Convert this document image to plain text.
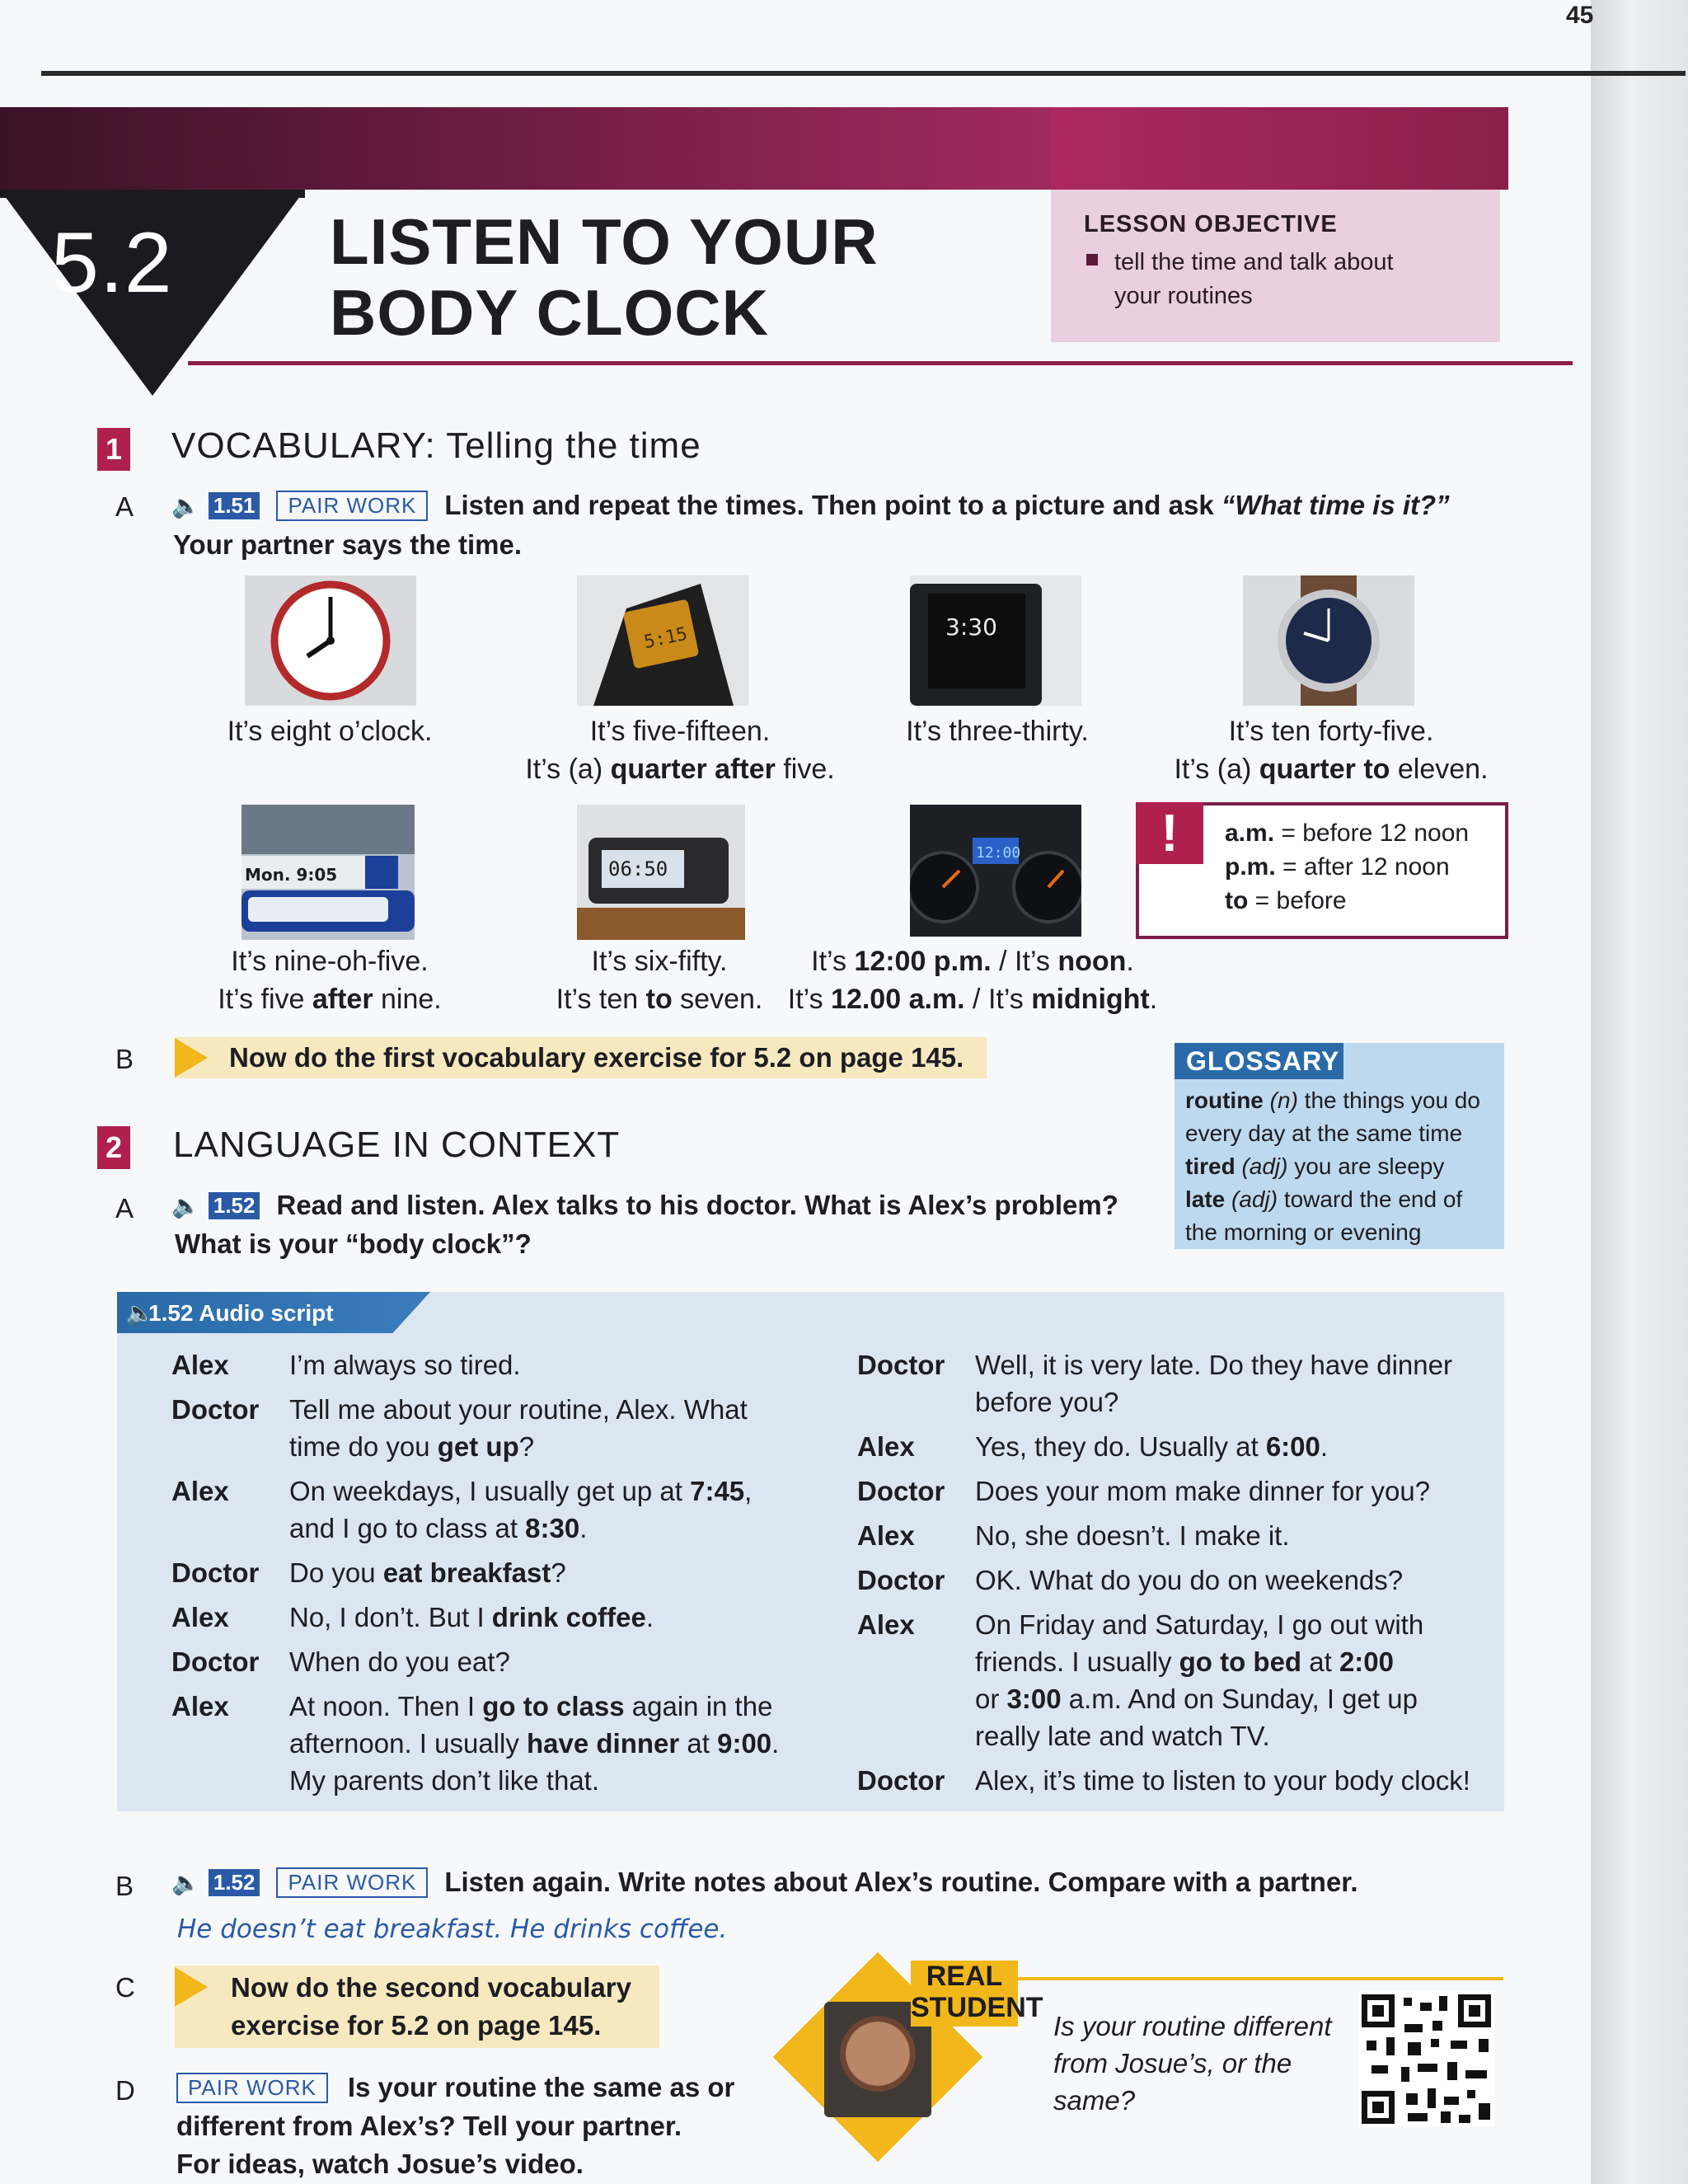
45
5.2 LISTEN TO YOUR
BODY CLOCK
LESSON OBJECTIVE
tell the time and talk about
your routines
1 VOCABULARY: Telling the time
A 🔈 1.51	PAIR WORK	Listen and repeat the times. Then point to a picture and ask “What time is it?”
Your partner says the time.
5:15	3:30
It’s eight o’clock.	It’s five-fifteen.
It’s (a) quarter after five.
It’s three-thirty.	It’s ten forty-five.
It’s (a) quarter to eleven.
Mon. 9:05	06:50
12:00	!	a.m. = before 12 noon
p.m. = after 12 noon
to = before
It’s nine-oh-five.
It’s five after nine.
It’s six-fifty.
It’s ten to seven.
It’s 12:00 p.m. / It’s noon.
It’s 12.00 a.m. / It’s midnight.
B	Now do the first vocabulary exercise for 5.2 on page 145.	GLOSSARY
routine (n) the things you do
every day at the same time
tired (adj) you are sleepy
late (adj) toward the end of
the morning or evening
2 LANGUAGE IN CONTEXT
A 🔈 1.52 Read and listen. Alex talks to his doctor. What is Alex’s problem?
What is your “body clock”?
🔈
1.52 Audio script
Alex	I’m always so tired.
Doctor	Tell me about your routine, Alex. What
time do you get up?
Alex	On weekdays, I usually get up at 7:45,
and I go to class at 8:30.
Doctor	Do you eat breakfast?
Alex	No, I don’t. But I drink coffee.
Doctor	When do you eat?
Alex	At noon. Then I go to class again in the
afternoon. I usually have dinner at 9:00.
My parents don’t like that.
Doctor	Well, it is very late. Do they have dinner
before you?
Alex	Yes, they do. Usually at 6:00.
Doctor	Does your mom make dinner for you?
Alex	No, she doesn’t. I make it.
Doctor	OK. What do you do on weekends?
Alex	On Friday and Saturday, I go out with
friends. I usually go to bed at 2:00
or 3:00 a.m. And on Sunday, I get up
really late and watch TV.
Doctor	Alex, it’s time to listen to your body clock!
B 🔈 1.52	PAIR WORK	Listen again. Write notes about Alex’s routine. Compare with a partner.
He doesn’t eat breakfast. He drinks coffee.
C	Now do the second vocabulary
exercise for 5.2 on page 145.
D	PAIR WORK	Is your routine the same as or
different from Alex’s? Tell your partner.
For ideas, watch Josue’s video.
REAL
STUDENT
Is your routine different
from Josue’s, or the
same?
